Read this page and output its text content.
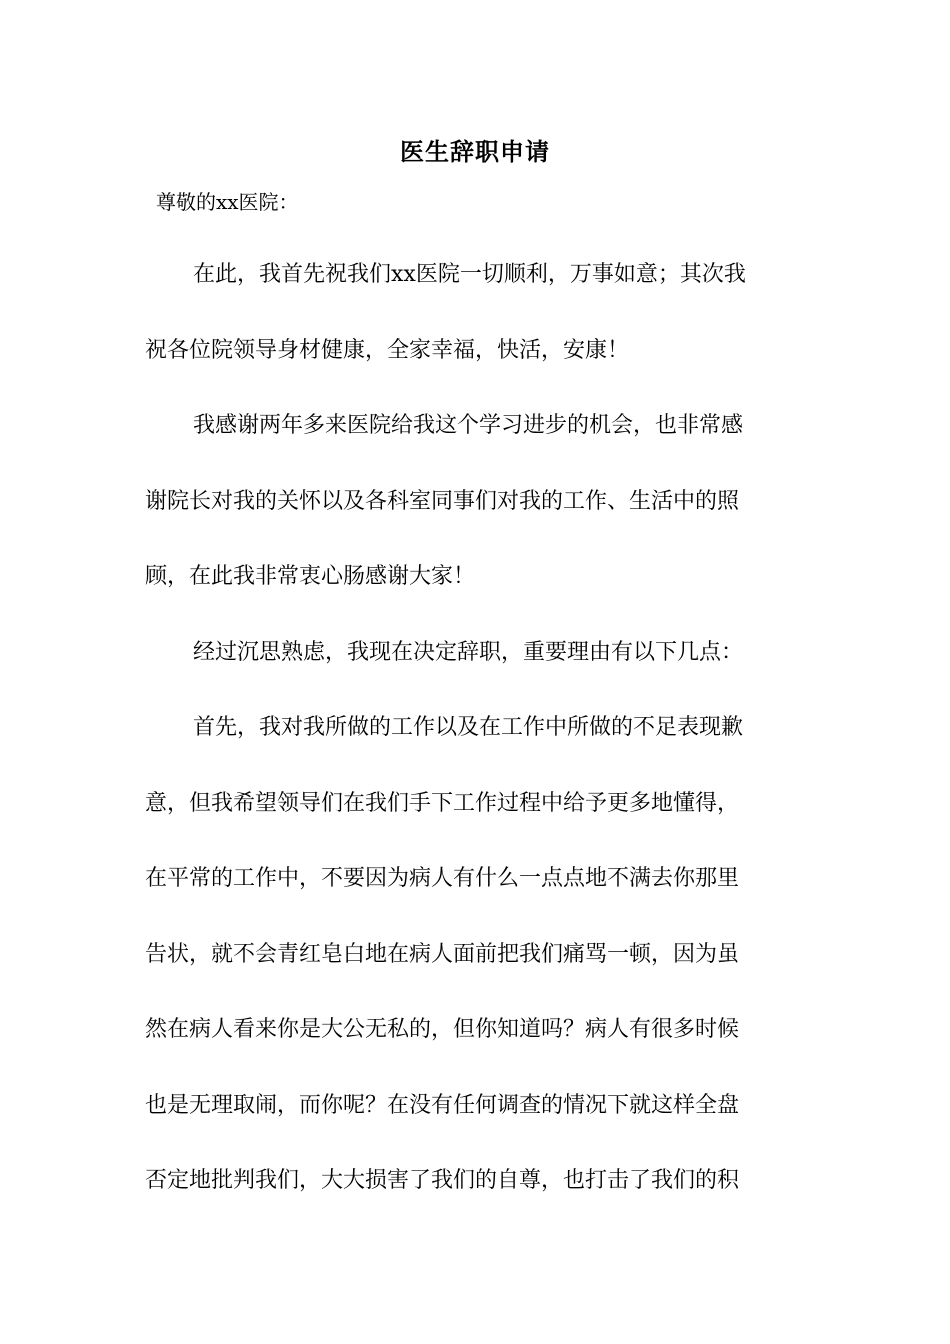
医生辞职申请
尊敬的xx医院：
在此，我首先祝我们xx医院一切顺利，万事如意；其次我
祝各位院领导身材健康，全家幸福，快活，安康！
我感谢两年多来医院给我这个学习进步的机会，也非常感
谢院长对我的关怀以及各科室同事们对我的工作、生活中的照
顾，在此我非常衷心肠感谢大家！
经过沉思熟虑，我现在决定辞职，重要理由有以下几点：
首先，我对我所做的工作以及在工作中所做的不足表现歉
意，但我希望领导们在我们手下工作过程中给予更多地懂得，
在平常的工作中，不要因为病人有什么一点点地不满去你那里
告状，就不会青红皂白地在病人面前把我们痛骂一顿，因为虽
然在病人看来你是大公无私的，但你知道吗？病人有很多时候
也是无理取闹，而你呢？在没有任何调查的情况下就这样全盘
否定地批判我们，大大损害了我们的自尊，也打击了我们的积
